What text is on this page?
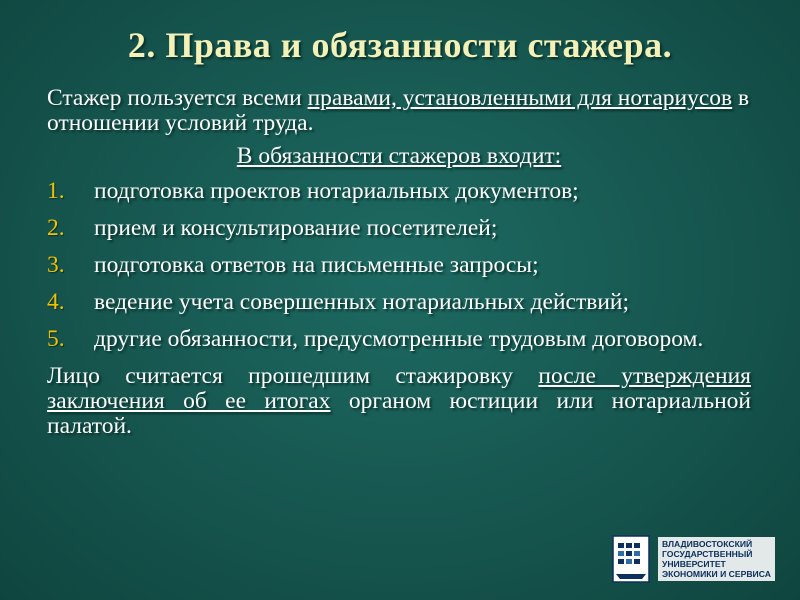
2. Права и обязанности стажера.

Стажер пользуется всеми правами, установленными для нотариусов в отношении условий труда.

В обязанности стажеров входит:

1.	подготовка проектов нотариальных документов;
2.	прием и консультирование посетителей;
3.	подготовка ответов на письменные запросы;
4.	ведение учета совершенных нотариальных действий;
5.	другие обязанности, предусмотренные трудовым договором.

Лицо считается прошедшим стажировку после утверждения заключения об ее итогах органом юстиции или нотариальной палатой.

ВЛАДИВОСТОКСКИЙ
ГОСУДАРСТВЕННЫЙ
УНИВЕРСИТЕТ
ЭКОНОМИКИ И СЕРВИСА
